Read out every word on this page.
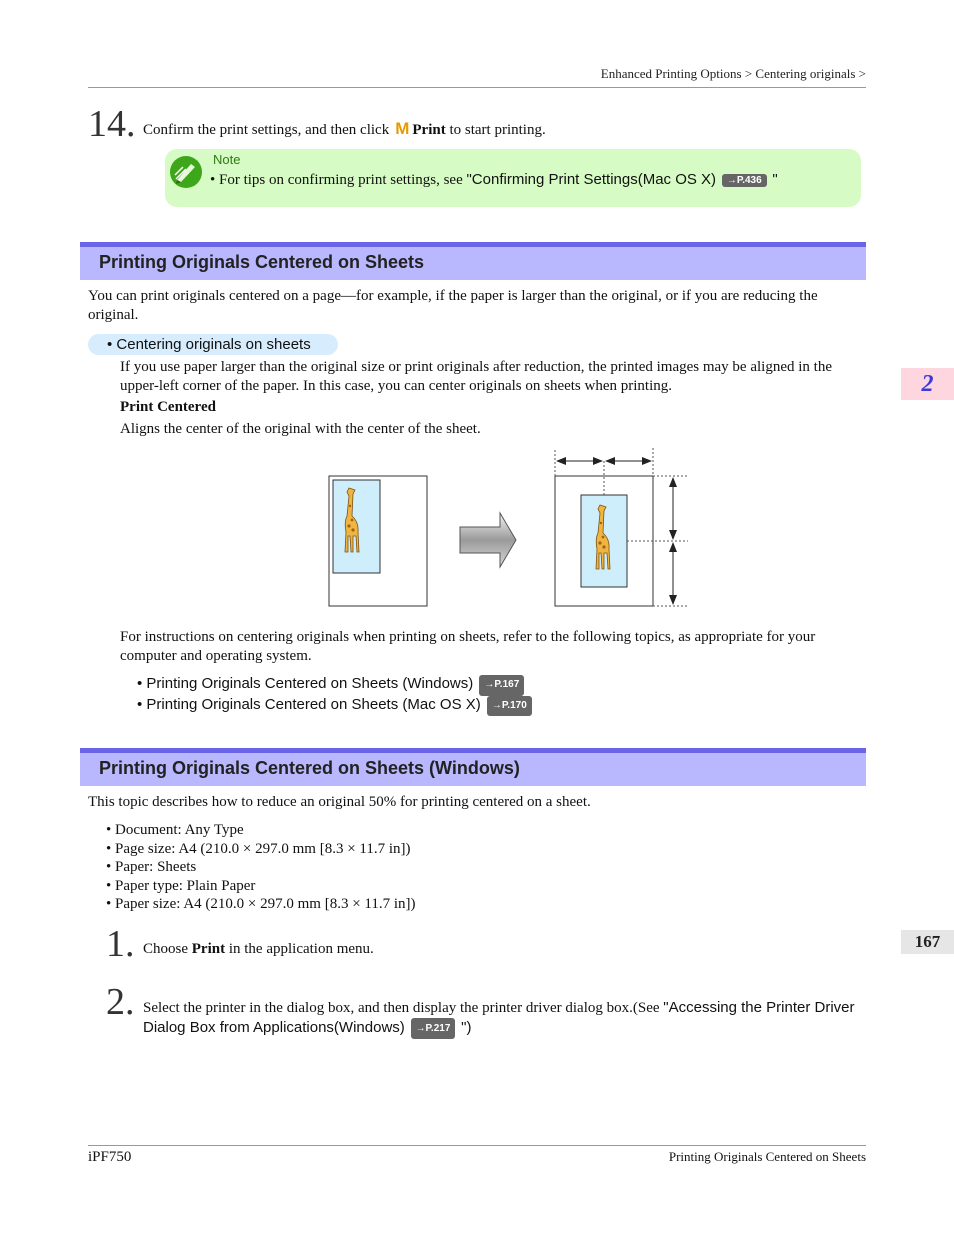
Enhanced Printing Options > Centering originals >
14. Confirm the print settings, and then click M Print to start printing.
Note
• For tips on confirming print settings, see "Confirming Print Settings(Mac OS X) →P.436 "
Printing Originals Centered on Sheets
You can print originals centered on a page—for example, if the paper is larger than the original, or if you are reducing the original.
• Centering originals on sheets
If you use paper larger than the original size or print originals after reduction, the printed images may be aligned in the upper-left corner of the paper. In this case, you can center originals on sheets when printing.
Print Centered
Aligns the center of the original with the center of the sheet.
For instructions on centering originals when printing on sheets, refer to the following topics, as appropriate for your computer and operating system.
• Printing Originals Centered on Sheets (Windows) →P.167
• Printing Originals Centered on Sheets (Mac OS X) →P.170
Printing Originals Centered on Sheets (Windows)
This topic describes how to reduce an original 50% for printing centered on a sheet.
• Document: Any Type
• Page size: A4 (210.0 × 297.0 mm [8.3 × 11.7 in])
• Paper: Sheets
• Paper type: Plain Paper
• Paper size: A4 (210.0 × 297.0 mm [8.3 × 11.7 in])
1. Choose Print in the application menu.
2. Select the printer in the dialog box, and then display the printer driver dialog box.(See "Accessing the Printer Driver Dialog Box from Applications(Windows) →P.217 ")
2
167
iPF750	Printing Originals Centered on Sheets
